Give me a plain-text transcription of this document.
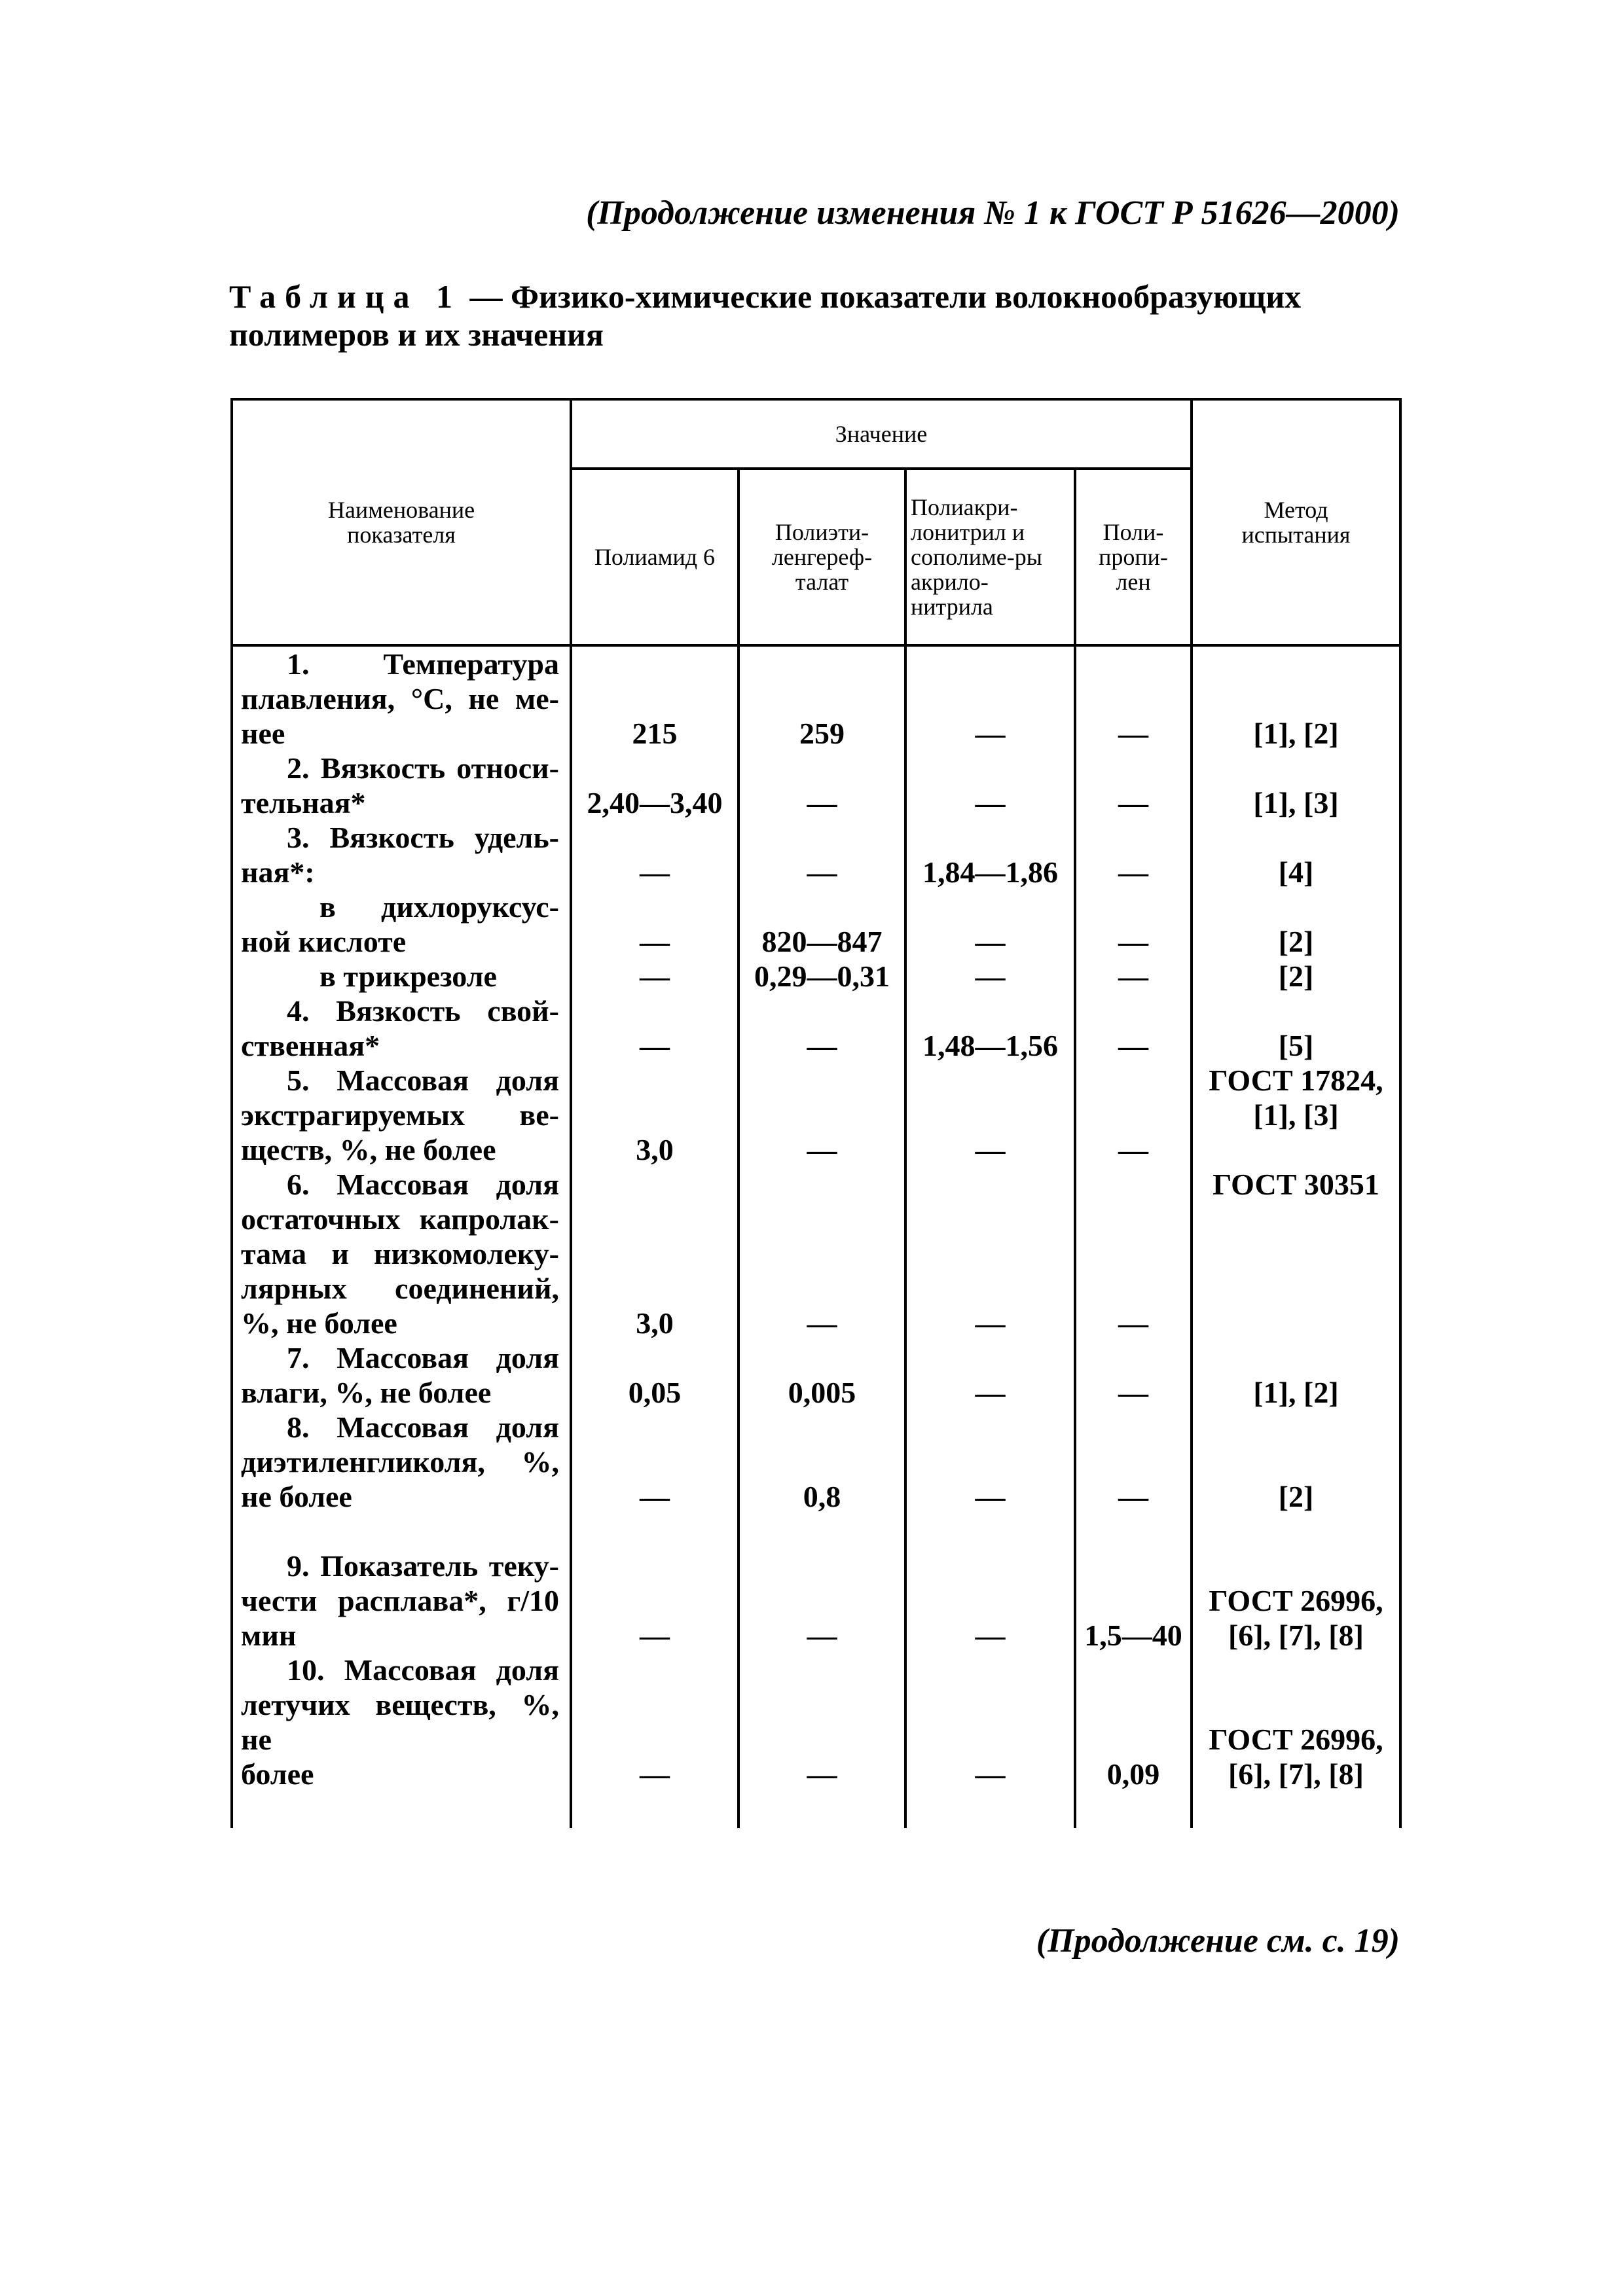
(Продолжение изменения № 1 к ГОСТ Р 51626—2000)
Таблица 1 — Физико-химические показатели волокнообразующих
полимеров и их значения
Наименование показателя	Значение				Метод испытания
	Полиамид 6	Полиэти-ленгереф-талат	Полиакри-лонитрил и сополиме-ры акрило-нитрила	Поли-пропи-лен	

1. Температура
плавления, °С, не ме-
нее	215	259	—	—	[1], [2]

2. Вязкость относи-
тельная*	2,40—3,40	—	—	—	[1], [3]

3. Вязкость удель-
ная*:	—	—	1,84—1,86	—	[4]

в дихлоруксус-
ной кислоте	—	820—847	—	—	[2]

в трикрезоле	—	0,29—0,31	—	—	[2]

4. Вязкость свой-
ственная*	—	—	1,48—1,56	—	[5]

5. Массовая доля
экстрагируемых ве-
ществ, %, не более	3,0	—	—	—	ГОСТ 17824, [1], [3]

6. Массовая доля
остаточных капролак-
тама и низкомолеку-
лярных соединений,
%, не более	3,0	—	—	—	ГОСТ 30351

7. Массовая доля
влаги, %, не более	0,05	0,005	—	—	[1], [2]

8. Массовая доля
диэтиленгликоля, %,
не более	—	0,8	—	—	[2]

9. Показатель теку-
чести расплава*, г/10 мин	—	—	—	1,5—40	ГОСТ 26996, [6], [7], [8]

10. Массовая доля
летучих веществ, %, не
более	—	—	—	0,09	ГОСТ 26996, [6], [7], [8]
(Продолжение см. с. 19)
